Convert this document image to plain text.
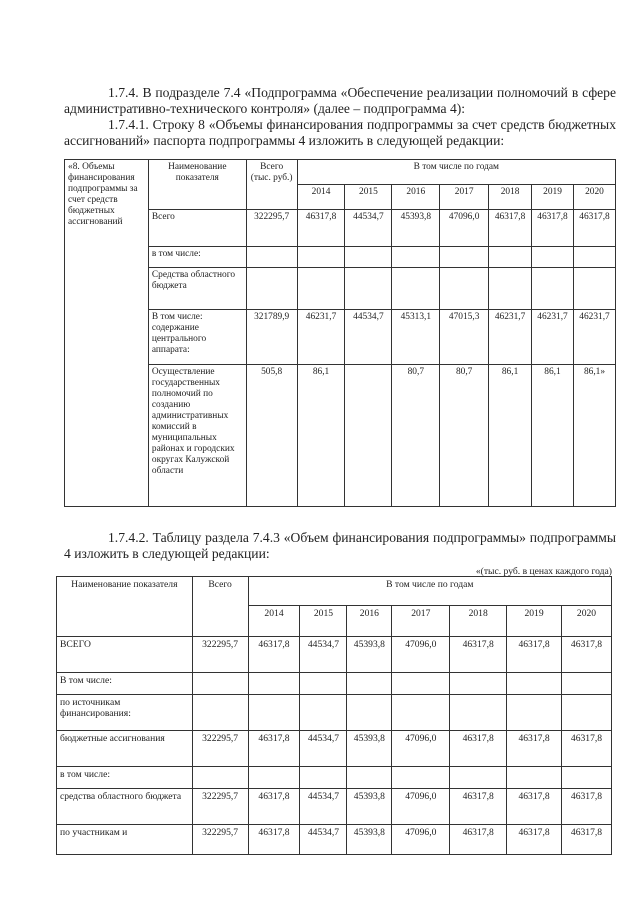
1.7.4. В подразделе 7.4 «Подпрограмма «Обеспечение реализации полномочий в сфере административно-технического контроля» (далее – подпрограмма 4):
1.7.4.1. Строку 8 «Объемы финансирования подпрограммы за счет средств бюджетных ассигнований» паспорта подпрограммы 4 изложить в следующей редакции:
«8. Объемы финансирования подпрограммы за счет средств бюджетных ассигнований	Наименование показателя	Всего (тыс. руб.)	В том числе по годам						
			2014	2015	2016	2017	2018	2019	2020
	Всего	322295,7	46317,8	44534,7	45393,8	47096,0	46317,8	46317,8	46317,8
	в том числе:								
	Средства областного бюджета								
	В том числе: содержание центрального аппарата:	321789,9	46231,7	44534,7	45313,1	47015,3	46231,7	46231,7	46231,7
	Осуществление государственных полномочий по созданию административных комиссий в муниципальных районах и городских округах Калужской области	505,8	86,1		80,7	80,7	86,1	86,1	86,1»
1.7.4.2. Таблицу раздела 7.4.3 «Объем финансирования подпрограммы» подпрограммы 4 изложить в следующей редакции:
«(тыс. руб. в ценах каждого года)
Наименование показателя	Всего	В том числе по годам						
		2014	2015	2016	2017	2018	2019	2020
ВСЕГО	322295,7	46317,8	44534,7	45393,8	47096,0	46317,8	46317,8	46317,8
В том числе:								
по источникам финансирования:								
бюджетные ассигнования	322295,7	46317,8	44534,7	45393,8	47096,0	46317,8	46317,8	46317,8
в том числе:								
средства областного бюджета	322295,7	46317,8	44534,7	45393,8	47096,0	46317,8	46317,8	46317,8
по участникам и	322295,7	46317,8	44534,7	45393,8	47096,0	46317,8	46317,8	46317,8
